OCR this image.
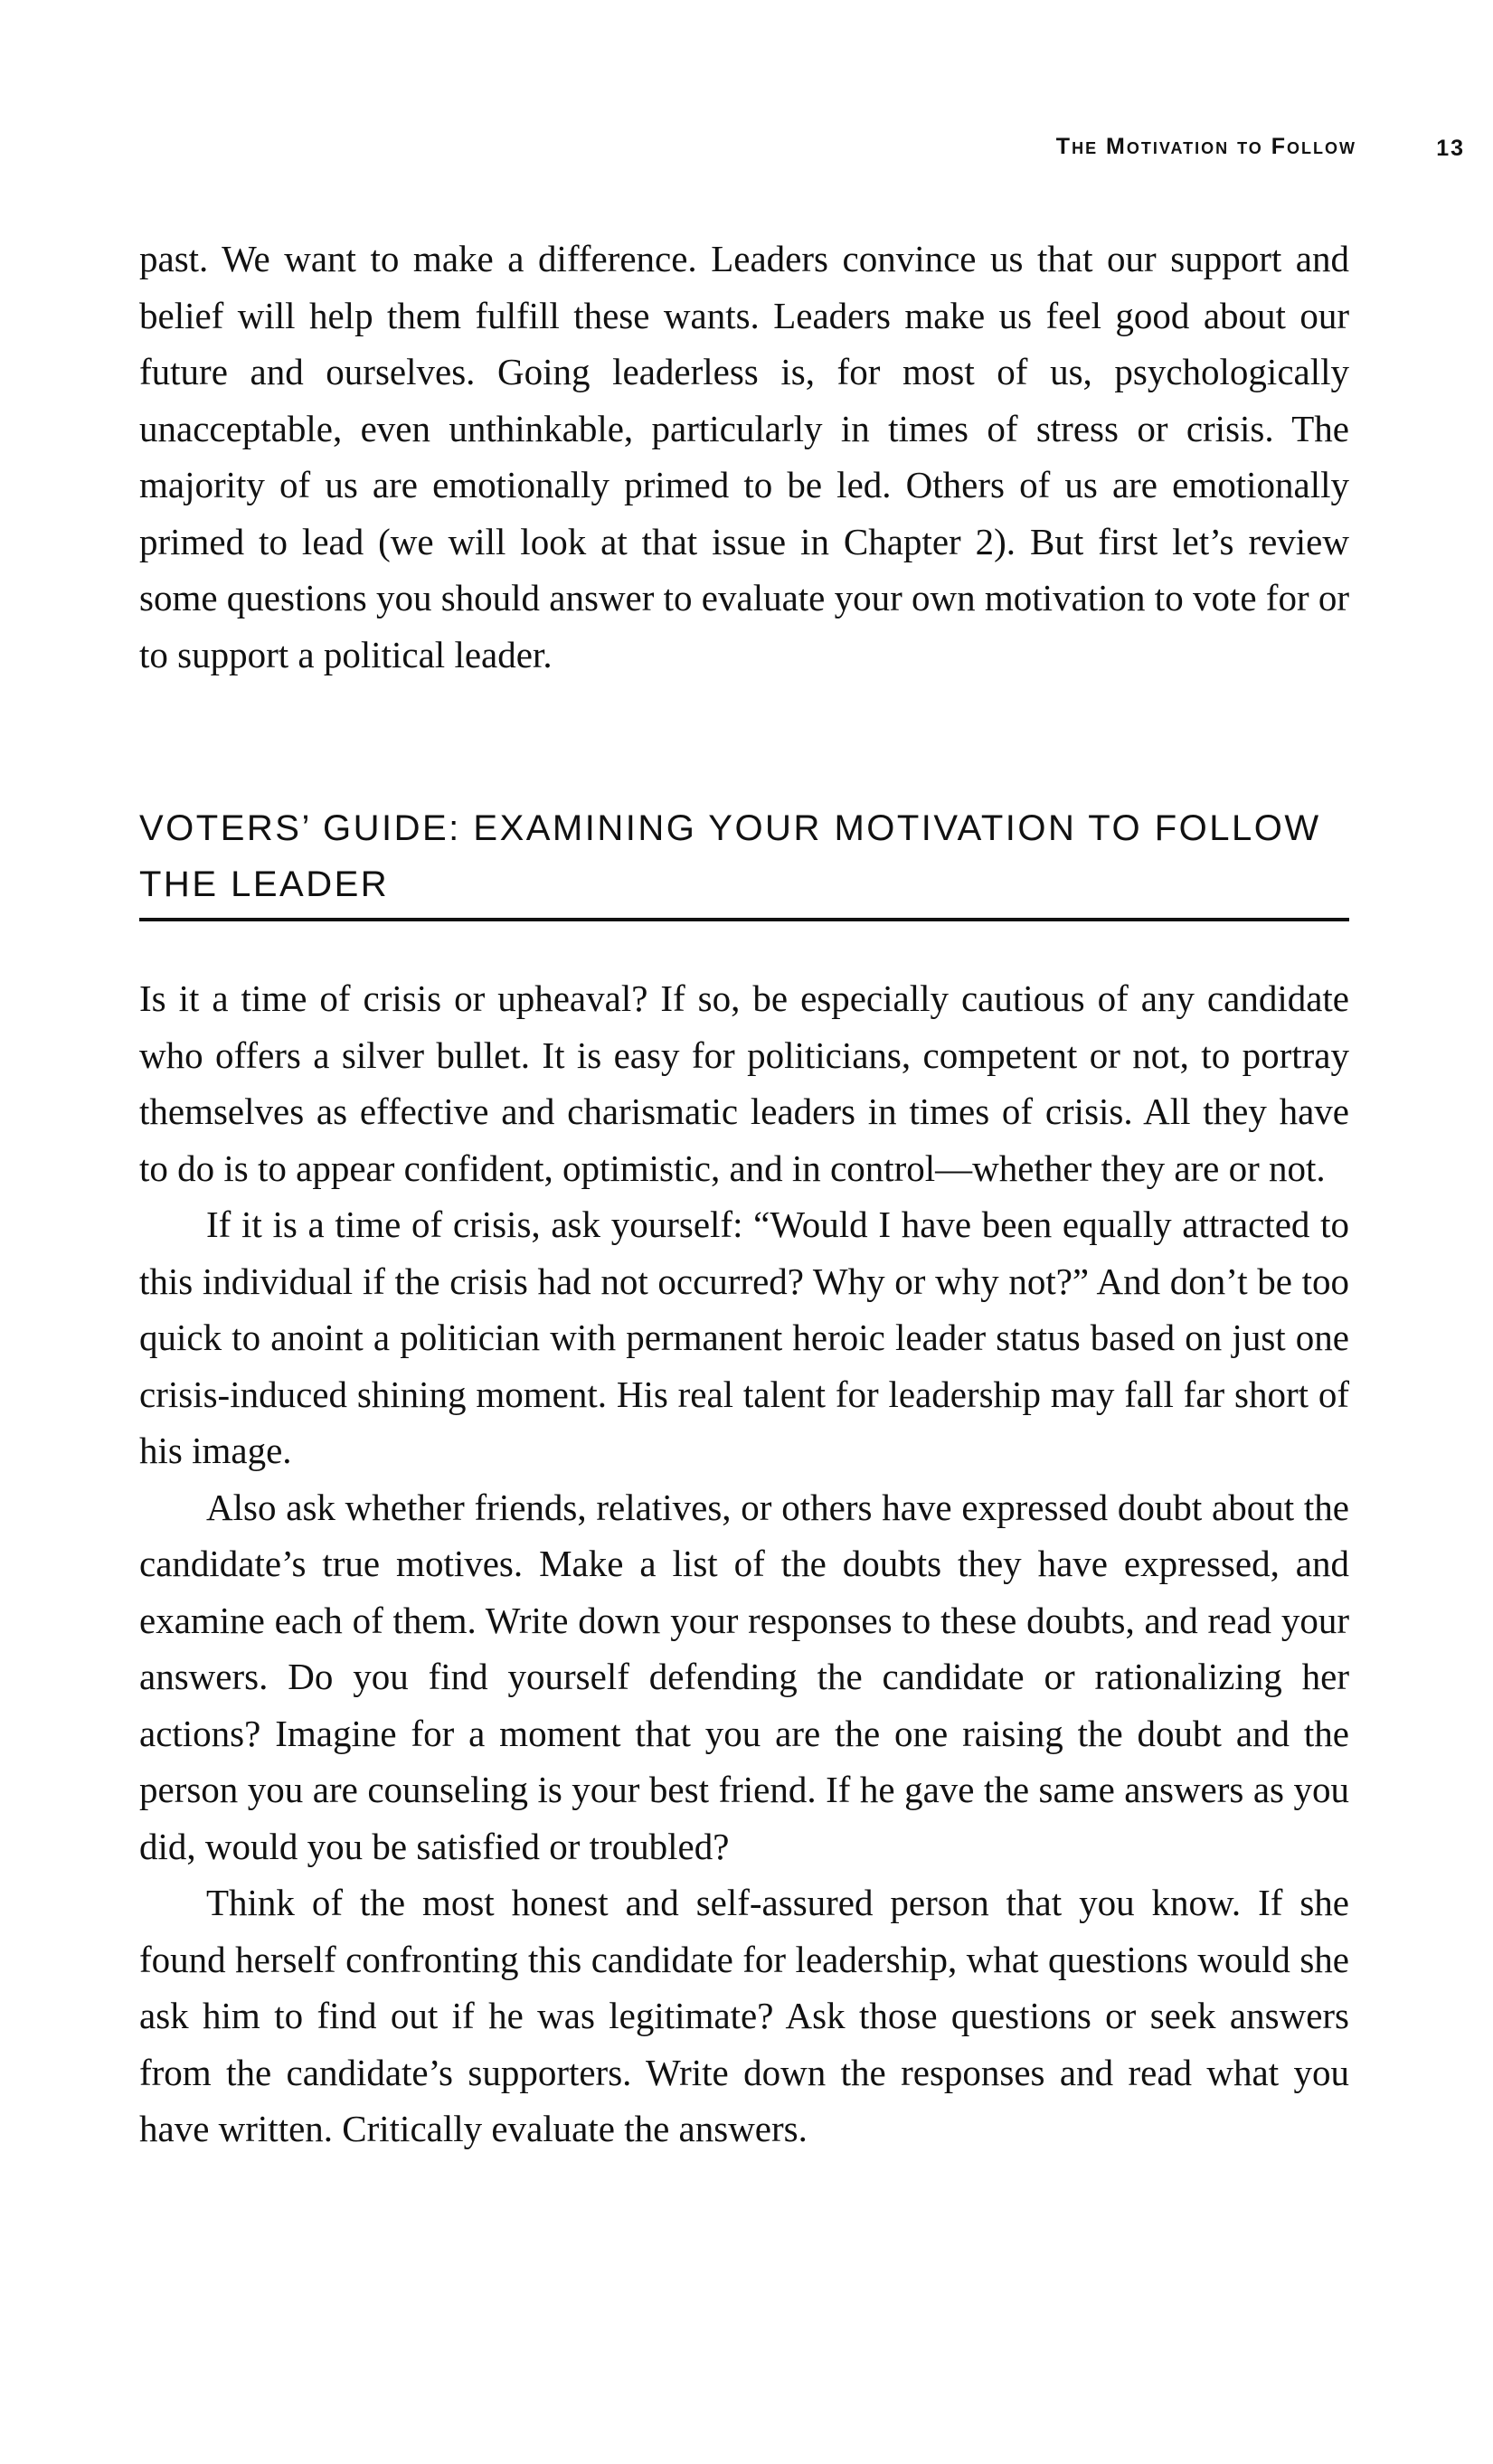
The Motivation to Follow	13

past. We want to make a difference. Leaders convince us that our support and belief will help them fulfill these wants. Leaders make us feel good about our future and ourselves. Going leaderless is, for most of us, psychologically unacceptable, even unthinkable, particularly in times of stress or crisis. The majority of us are emotionally primed to be led. Others of us are emotionally primed to lead (we will look at that issue in Chapter 2). But first let’s review some questions you should answer to evaluate your own motivation to vote for or to support a political leader.

VOTERS’ GUIDE: EXAMINING YOUR MOTIVATION TO FOLLOW THE LEADER

Is it a time of crisis or upheaval? If so, be especially cautious of any candidate who offers a silver bullet. It is easy for politicians, competent or not, to portray themselves as effective and charismatic leaders in times of crisis. All they have to do is to appear confident, optimistic, and in control—whether they are or not.

If it is a time of crisis, ask yourself: “Would I have been equally attracted to this individual if the crisis had not occurred? Why or why not?” And don’t be too quick to anoint a politician with permanent heroic leader status based on just one crisis-induced shining moment. His real talent for leadership may fall far short of his image.

Also ask whether friends, relatives, or others have expressed doubt about the candidate’s true motives. Make a list of the doubts they have expressed, and examine each of them. Write down your responses to these doubts, and read your answers. Do you find yourself defending the candidate or rationalizing her actions? Imagine for a moment that you are the one raising the doubt and the person you are counseling is your best friend. If he gave the same answers as you did, would you be satisfied or troubled?

Think of the most honest and self-assured person that you know. If she found herself confronting this candidate for leadership, what questions would she ask him to find out if he was legitimate? Ask those questions or seek answers from the candidate’s supporters. Write down the responses and read what you have written. Critically evaluate the answers.
